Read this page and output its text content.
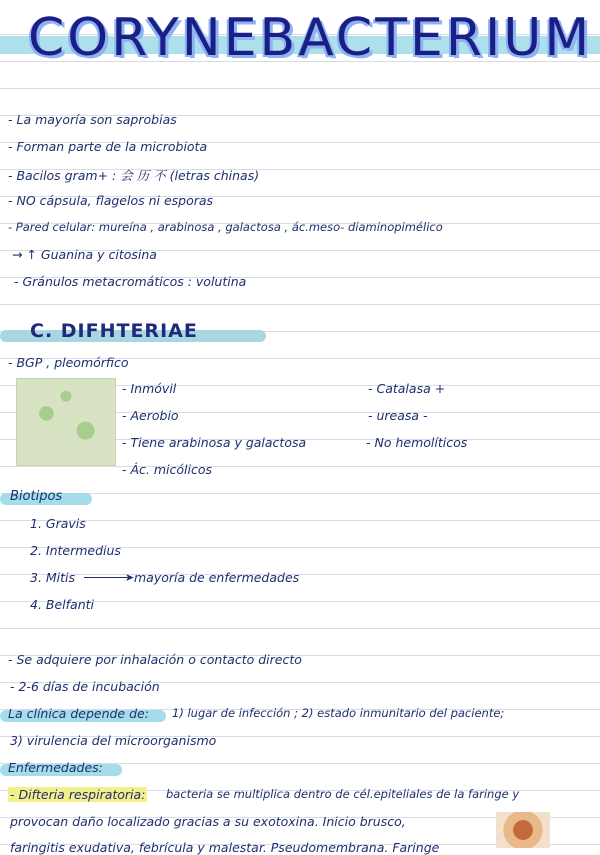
CORYNEBACTERIUM
- La mayoría son saprobias
- Forman parte de la microbiota
- Bacilos gram+ : 会 历 不 (letras chinas)
- NO cápsula, flagelos ni esporas
- Pared celular: mureína , arabinosa , galactosa , ác.meso- diaminopimélico
→ ↑ Guanina y citosina
- Gránulos metacromáticos : volutina
C. DIFHTERIAE
- BGP , pleomórfico
- Inmóvil
- Aerobio
- Tiene arabinosa y galactosa
- Ác. micólicos
- Catalasa +
- ureasa -
- No hemolíticos
Biotipos
1. Gravis
2. Intermedius
3. Mitis	➤ mayoría de enfermedades
4. Belfanti
- Se adquiere por inhalación o contacto directo
- 2-6 días de incubación
La clínica depende de: 1) lugar de infección ; 2) estado inmunitario del paciente;
3) virulencia del microorganismo
Enfermedades:
- Difteria respiratoria: bacteria se multiplica dentro de cél.epiteliales de la faringe y
provocan daño localizado gracias a su exotoxina. Inicio brusco,
faringitis exudativa, febrícula y malestar. Pseudomembrana. Faringe
